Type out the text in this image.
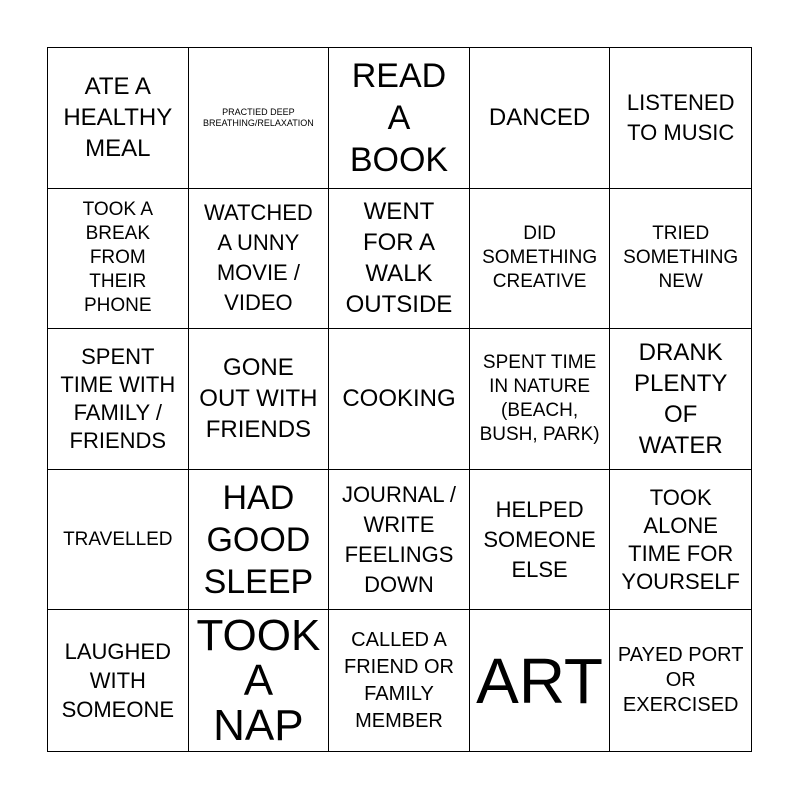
ATE A HEALTHY MEAL
PRACTIED DEEP BREATHING/RELAXATION
READ A BOOK
DANCED
LISTENED TO MUSIC
TOOK A BREAK FROM THEIR PHONE
WATCHED A UNNY MOVIE / VIDEO
WENT FOR A WALK OUTSIDE
DID SOMETHING CREATIVE
TRIED SOMETHING NEW
SPENT TIME WITH FAMILY / FRIENDS
GONE OUT WITH FRIENDS
COOKING
SPENT TIME IN NATURE (BEACH, BUSH, PARK)
DRANK PLENTY OF WATER
TRAVELLED
HAD GOOD SLEEP
JOURNAL / WRITE FEELINGS DOWN
HELPED SOMEONE ELSE
TOOK ALONE TIME FOR YOURSELF
LAUGHED WITH SOMEONE
TOOK A NAP
CALLED A FRIEND OR FAMILY MEMBER
ART PAYED PORT OR EXERCISED
